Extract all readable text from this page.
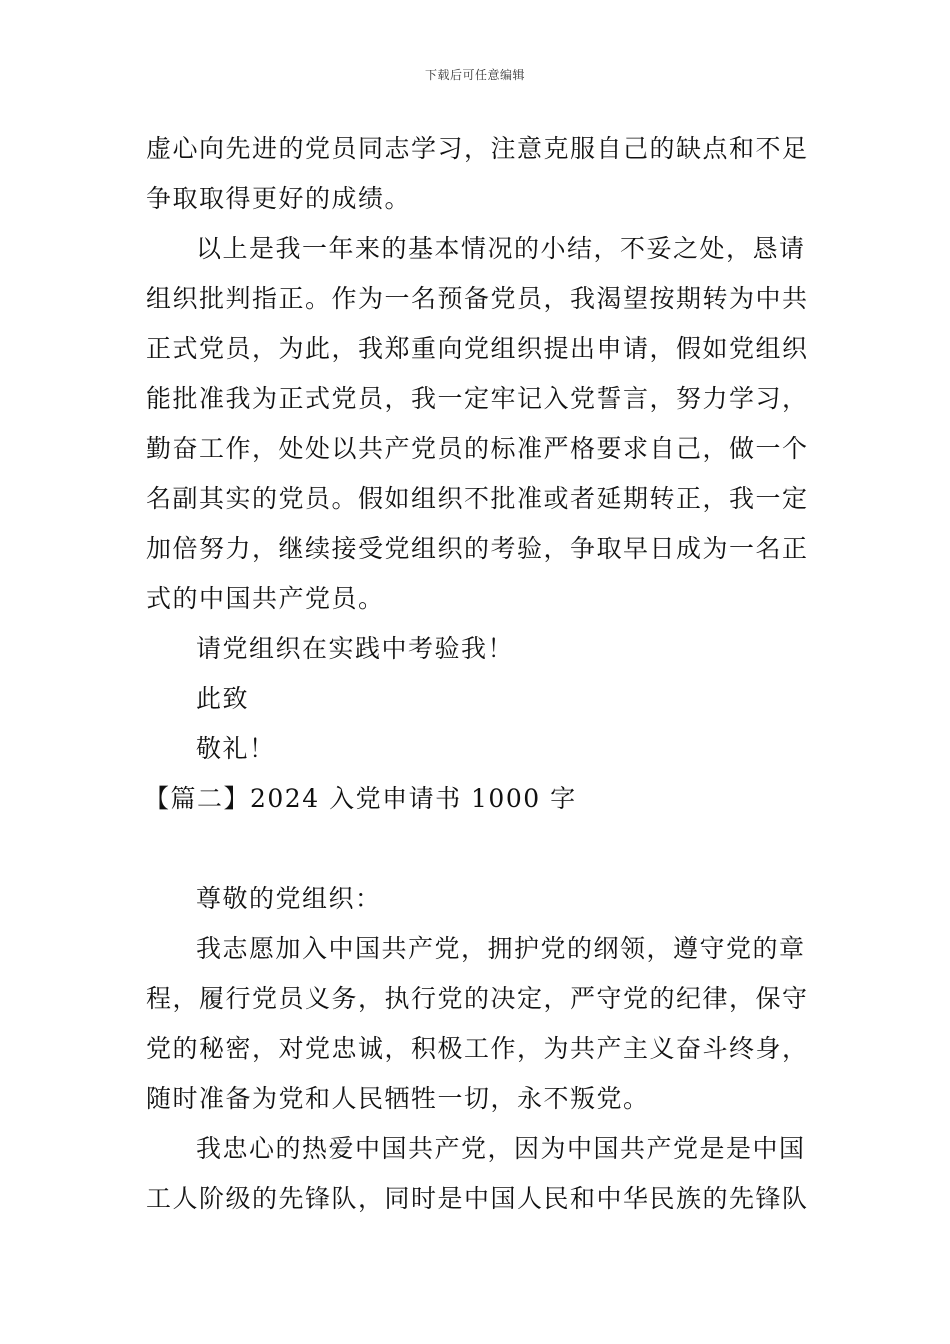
下载后可任意编辑
虚心向先进的党员同志学习，注意克服自己的缺点和不足
争取取得更好的成绩。
以上是我一年来的基本情况的小结，不妥之处，恳请
组织批判指正。作为一名预备党员，我渴望按期转为中共
正式党员，为此，我郑重向党组织提出申请，假如党组织
能批准我为正式党员，我一定牢记入党誓言，努力学习，
勤奋工作，处处以共产党员的标准严格要求自己，做一个
名副其实的党员。假如组织不批准或者延期转正，我一定
加倍努力，继续接受党组织的考验，争取早日成为一名正
式的中国共产党员。
请党组织在实践中考验我！
此致
敬礼！
【篇二】2024 入党申请书 1000 字
尊敬的党组织：
我志愿加入中国共产党，拥护党的纲领，遵守党的章
程，履行党员义务，执行党的决定，严守党的纪律，保守
党的秘密，对党忠诚，积极工作，为共产主义奋斗终身，
随时准备为党和人民牺牲一切，永不叛党。
我忠心的热爱中国共产党，因为中国共产党是是中国
工人阶级的先锋队，同时是中国人民和中华民族的先锋队
